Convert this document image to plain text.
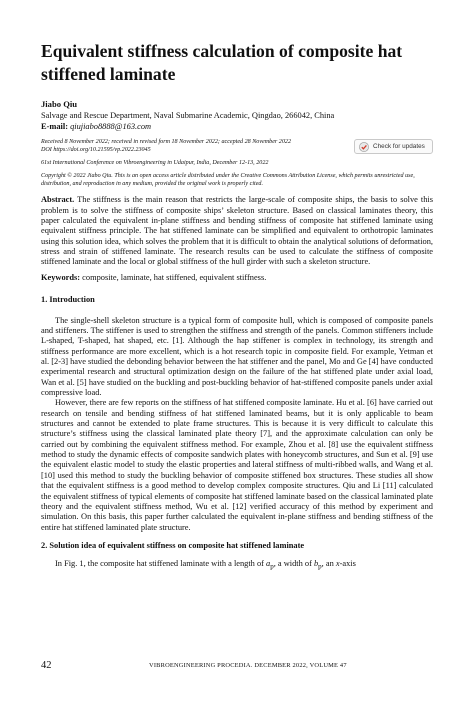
Equivalent stiffness calculation of composite hat stiffened laminate
Jiabo Qiu
Salvage and Rescue Department, Naval Submarine Academic, Qingdao, 266042, China
E-mail: qiujiabo8888@163.com
Received 8 November 2022; received in revised form 18 November 2022; accepted 28 November 2022
DOI https://doi.org/10.21595/vp.2022.23045
Check for updates
61st International Conference on Vibroengineering in Udaipur, India, December 12-13, 2022
Copyright © 2022 Jiabo Qiu. This is an open access article distributed under the Creative Commons Attribution License, which permits unrestricted use, distribution, and reproduction in any medium, provided the original work is properly cited.

Abstract. The stiffness is the main reason that restricts the large-scale of composite ships, the basis to solve this problem is to solve the stiffness of composite ships’ skeleton structure. Based on classical laminates theory, this paper calculated the equivalent in-plane stiffness and bending stiffness of composite hat stiffened laminate using equivalent stiffness principle. The hat stiffened laminate can be simplified and equivalent to orthotropic laminates using this solution idea, which solves the problem that it is difficult to obtain the analytical solutions of deformation, stress and strain of stiffened laminate. The research results can be used to calculate the stiffness of composite stiffened laminate and the local or global stiffness of the hull girder with such a skeleton structure.

Keywords: composite, laminate, hat stiffened, equivalent stiffness.

1. Introduction

The single-shell skeleton structure is a typical form of composite hull, which is composed of composite panels and stiffeners. The stiffener is used to strengthen the stiffness and strength of the panels. Common stiffeners include L-shaped, T-shaped, hat shaped, etc. [1]. Although the hap stiffener is complex in technology, its strength and stiffness performance are more excellent, which is a hot research topic in composite field. For example, Yetman et al. [2-3] have studied the debonding behavior between the hat stiffener and the panel, Mo and Ge [4] have conducted experimental research and structural optimization design on the failure of the hat stiffened plate under axial load, Wan et al. [5] have studied on the buckling and post-buckling behavior of hat-stiffened composite panels under axial compressive load.

However, there are few reports on the stiffness of hat stiffened composite laminate. Hu et al. [6] have carried out research on tensile and bending stiffness of hat stiffened laminated beams, but it is only applicable to beam structures and cannot be extended to plate frame structures. This is because it is very difficult to calculate this structure’s stiffness using the classical laminated plate theory [7], and the approximate calculation can only be carried out by combining the equivalent stiffness method. For example, Zhou et al. [8] use the equivalent stiffness method to study the dynamic effects of composite sandwich plates with honeycomb structures, and Sun et al. [9] use the equivalent elastic model to study the elastic properties and lateral stiffness of multi-ribbed walls, and Wang et al. [10] used this method to study the buckling behavior of composite stiffened box structures. These studies all show that the equivalent stiffness is a good method to develop complex composite structures. Qiu and Li [11] calculated the equivalent stiffness of typical elements of composite hat stiffened laminate based on the classical laminated plate theory and the equivalent stiffness method, Wu et al. [12] verified accuracy of this method by experiment and simulation. On this basis, this paper further calculated the equivalent in-plane stiffness and bending stiffness of the entire hat stiffened laminated plate structure.

2. Solution idea of equivalent stiffness on composite hat stiffened laminate

In Fig. 1, the composite hat stiffened laminate with a length of $a_p$, a width of $b_p$, an x-axis

42	VIBROENGINEERING PROCEDIA. DECEMBER 2022, VOLUME 47
